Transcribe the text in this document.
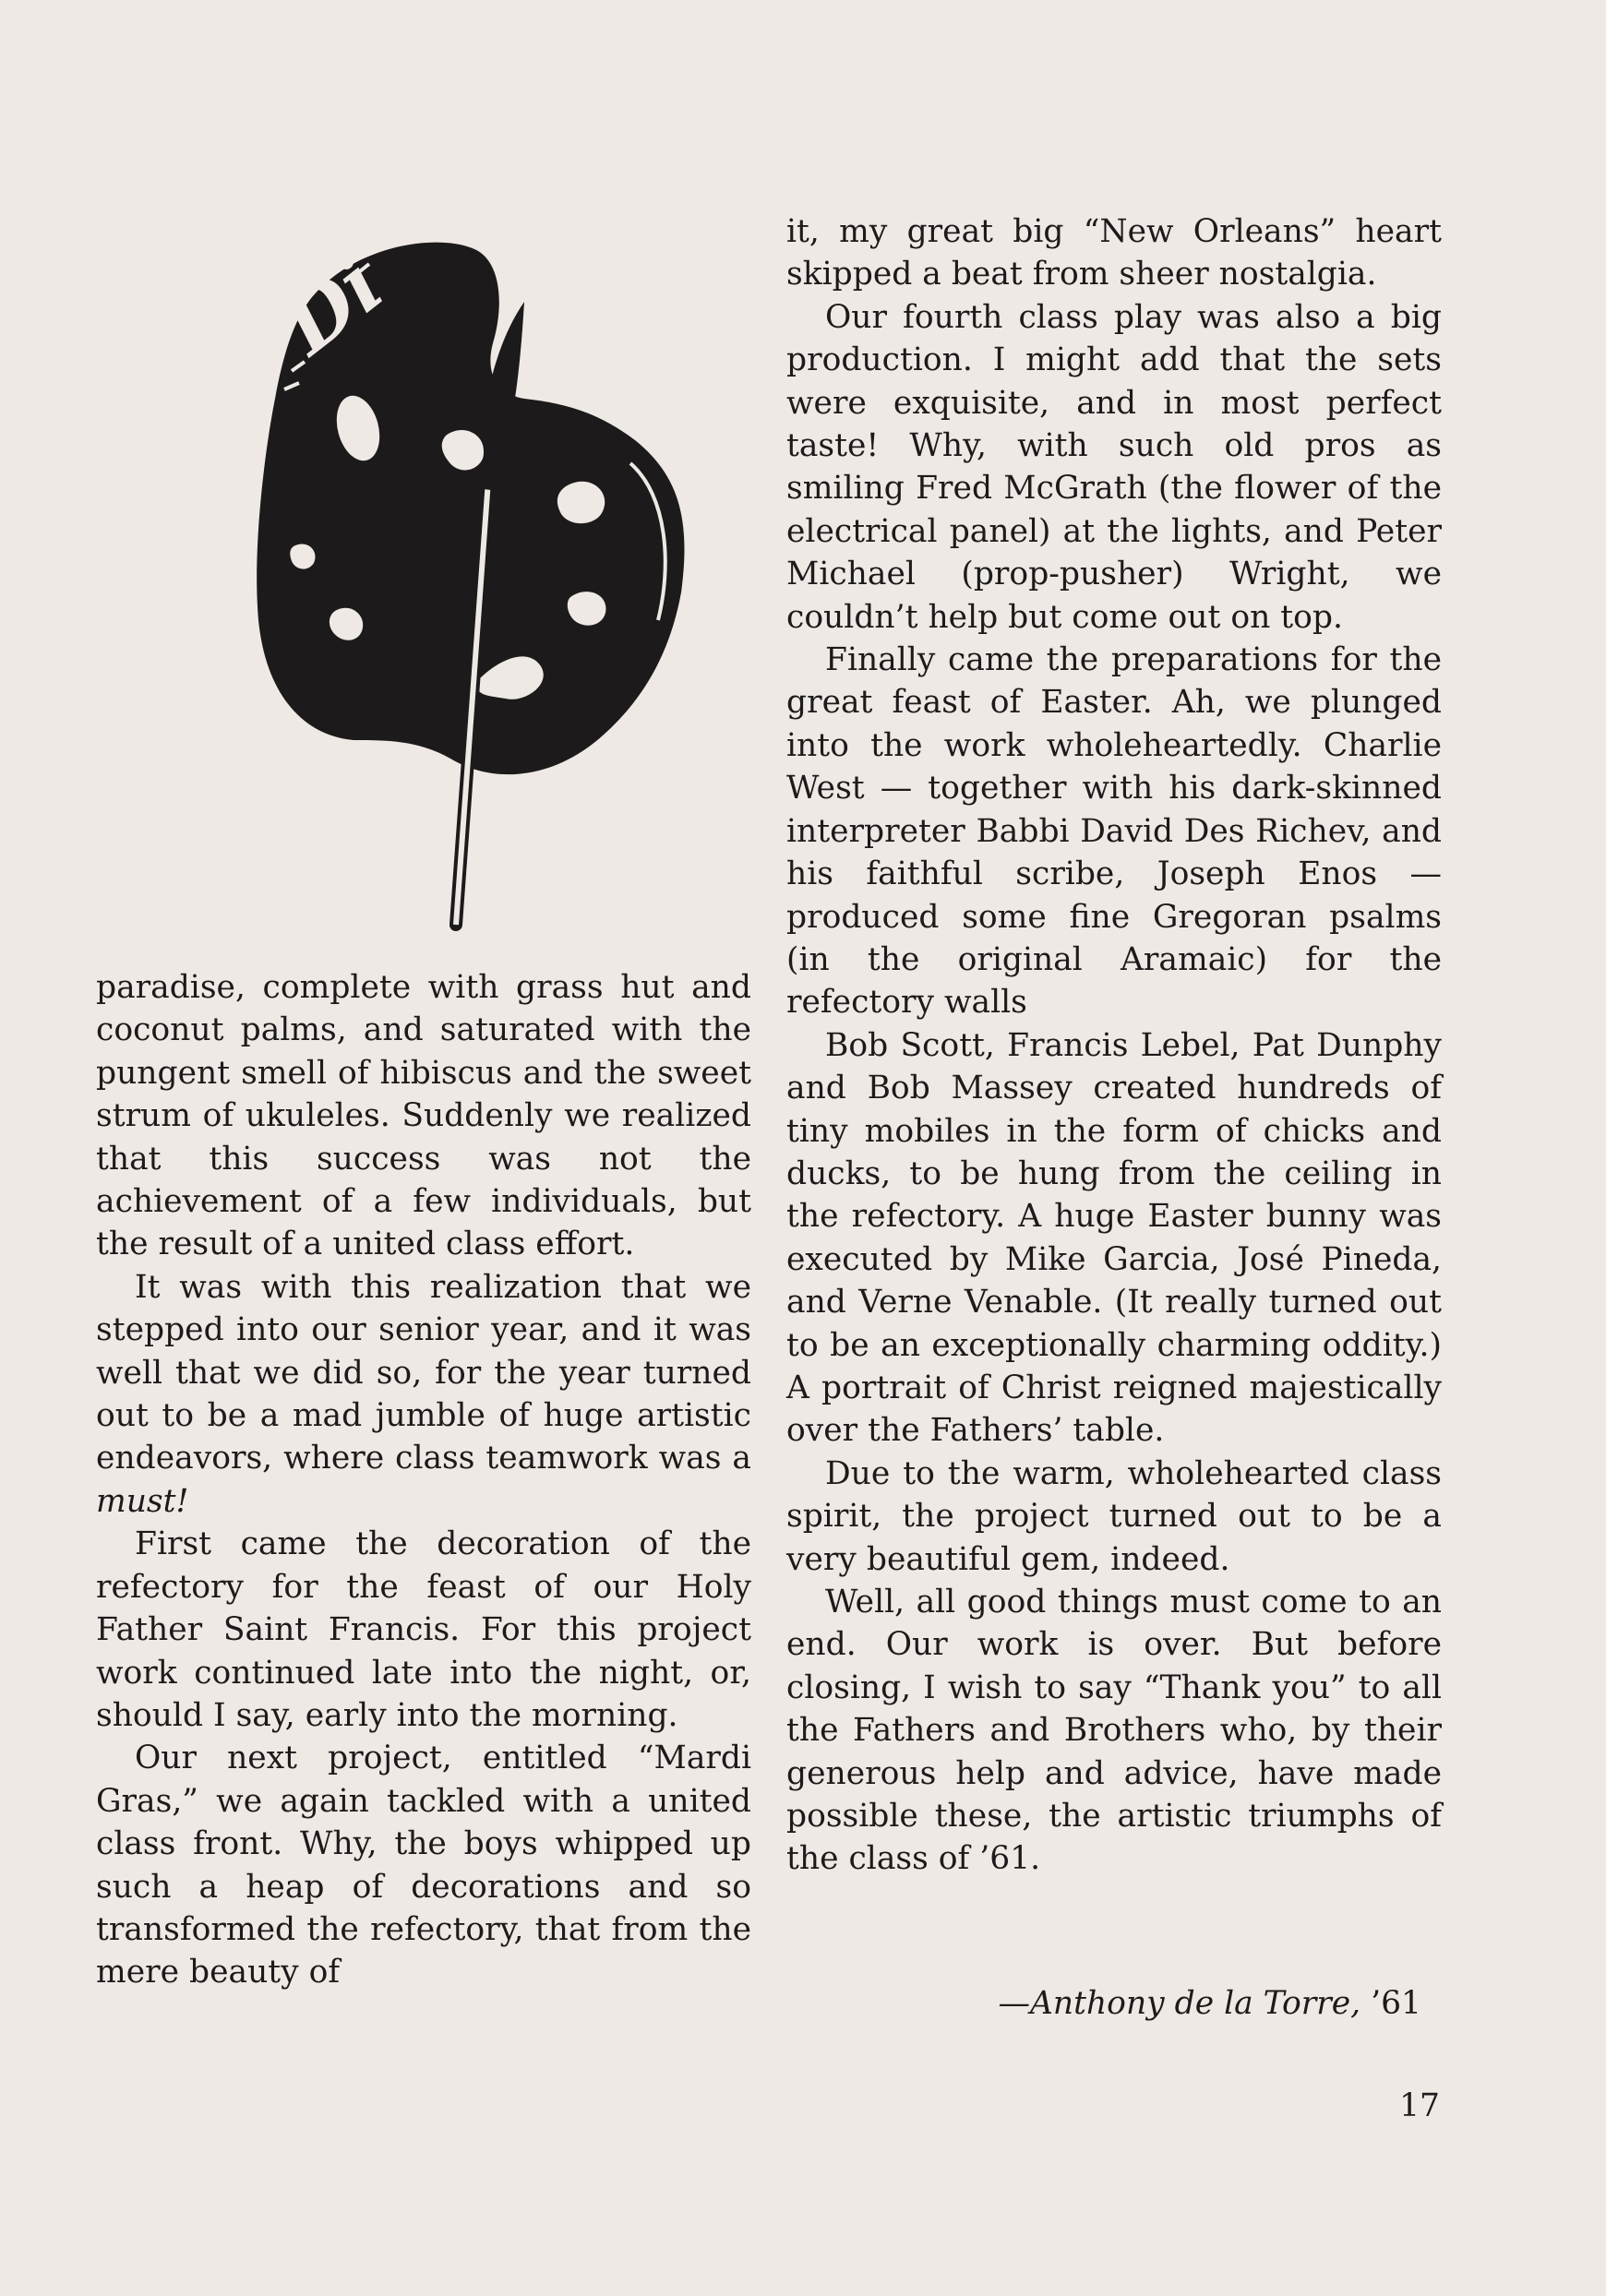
Di

paradise, complete with grass hut and coconut palms, and saturated with the pungent smell of hibiscus and the sweet strum of ukuleles. Suddenly we realized that this success was not the achievement of a few individuals, but the result of a united class effort.

It was with this realization that we stepped into our senior year, and it was well that we did so, for the year turned out to be a mad jumble of huge artistic endeavors, where class teamwork was a must!

First came the decoration of the refectory for the feast of our Holy Father Saint Francis. For this project work continued late into the night, or, should I say, early into the morning.

Our next project, entitled “Mardi Gras,” we again tackled with a united class front. Why, the boys whipped up such a heap of decorations and so transformed the refectory, that from the mere beauty of

it, my great big “New Orleans” heart skipped a beat from sheer nostalgia.

Our fourth class play was also a big production. I might add that the sets were exquisite, and in most perfect taste! Why, with such old pros as smiling Fred McGrath (the flower of the electrical panel) at the lights, and Peter Michael (prop-pusher) Wright, we couldn’t help but come out on top.

Finally came the preparations for the great feast of Easter. Ah, we plunged into the work wholeheartedly. Charlie West — together with his dark-skinned interpreter Babbi David Des Richev, and his faithful scribe, Joseph Enos — produced some fine Gregoran psalms (in the original Aramaic) for the refectory walls

Bob Scott, Francis Lebel, Pat Dunphy and Bob Massey created hundreds of tiny mobiles in the form of chicks and ducks, to be hung from the ceiling in the refectory. A huge Easter bunny was executed by Mike Garcia, José Pineda, and Verne Venable. (It really turned out to be an exceptionally charming oddity.) A portrait of Christ reigned majestically over the Fathers’ table.

Due to the warm, wholehearted class spirit, the project turned out to be a very beautiful gem, indeed.

Well, all good things must come to an end. Our work is over. But before closing, I wish to say “Thank you” to all the Fathers and Brothers who, by their generous help and advice, have made possible these, the artistic triumphs of the class of ’61.

—Anthony de la Torre, ’61
17
